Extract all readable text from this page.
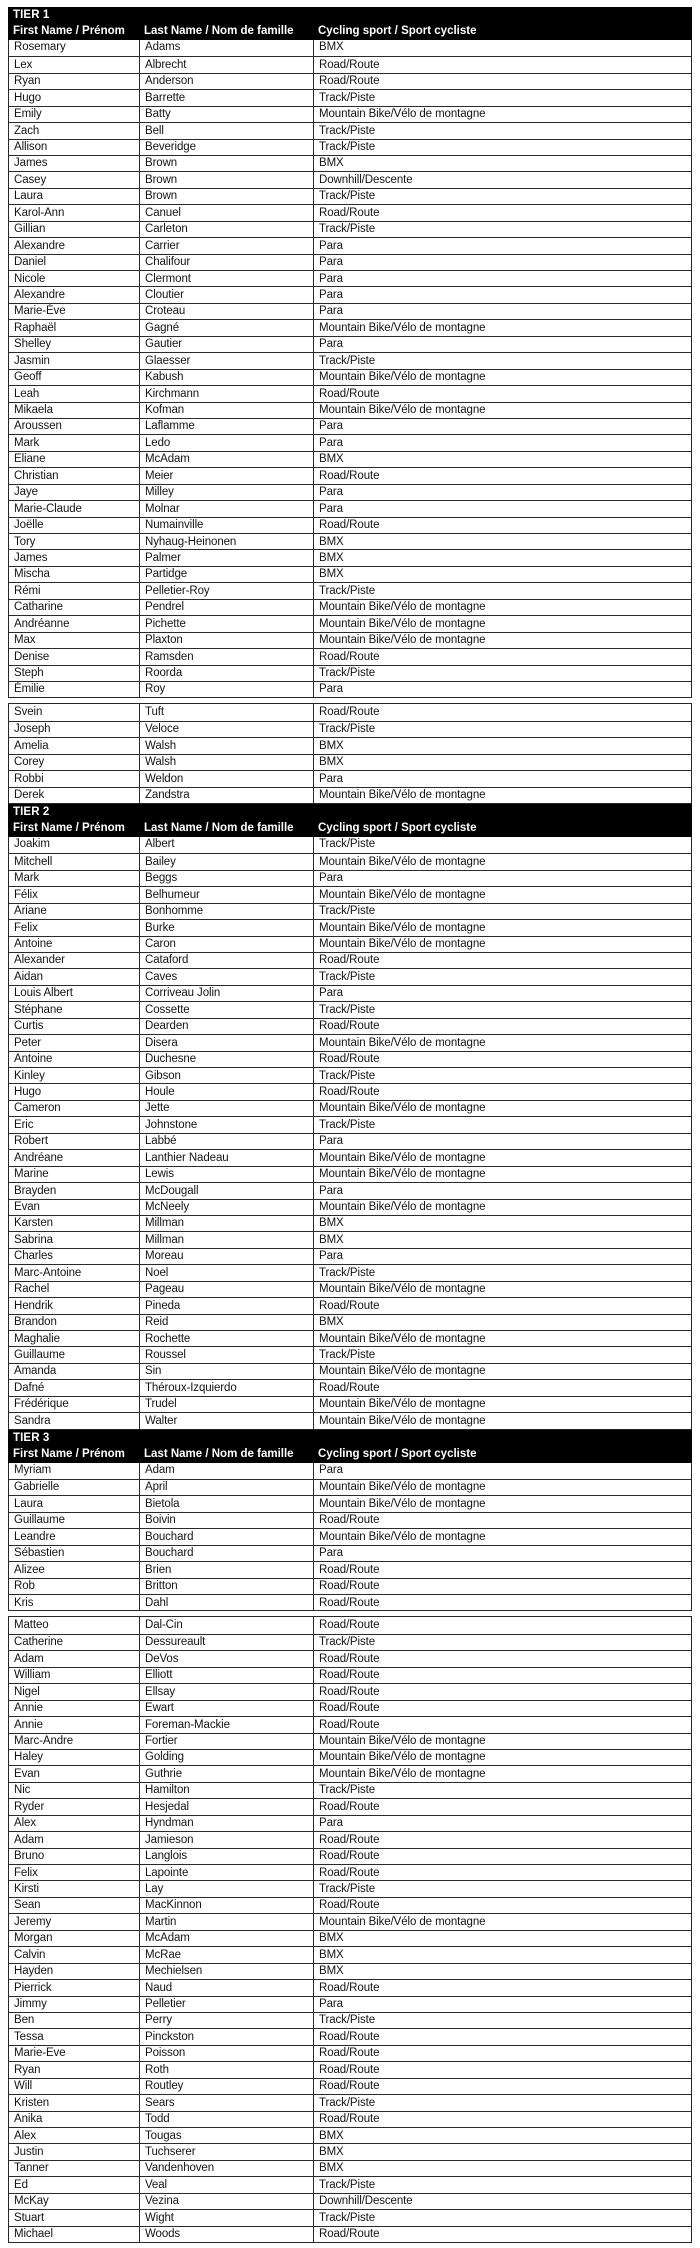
TIER 1
First Name / Prénom	Last Name / Nom de famille	Cycling sport / Sport cycliste
Rosemary	Adams	BMX
Lex	Albrecht	Road/Route
Ryan	Anderson	Road/Route
Hugo	Barrette	Track/Piste
Emily	Batty	Mountain Bike/Vélo de montagne
Zach	Bell	Track/Piste
Allison	Beveridge	Track/Piste
James	Brown	BMX
Casey	Brown	Downhill/Descente
Laura	Brown	Track/Piste
Karol-Ann	Canuel	Road/Route
Gillian	Carleton	Track/Piste
Alexandre	Carrier	Para
Daniel	Chalifour	Para
Nicole	Clermont	Para
Alexandre	Cloutier	Para
Marie-Ève	Croteau	Para
Raphaël	Gagné	Mountain Bike/Vélo de montagne
Shelley	Gautier	Para
Jasmin	Glaesser	Track/Piste
Geoff	Kabush	Mountain Bike/Vélo de montagne
Leah	Kirchmann	Road/Route
Mikaela	Kofman	Mountain Bike/Vélo de montagne
Aroussen	Laflamme	Para
Mark	Ledo	Para
Eliane	McAdam	BMX
Christian	Meier	Road/Route
Jaye	Milley	Para
Marie-Claude	Molnar	Para
Joëlle	Numainville	Road/Route
Tory	Nyhaug-Heinonen	BMX
James	Palmer	BMX
Mischa	Partidge	BMX
Rémi	Pelletier-Roy	Track/Piste
Catharine	Pendrel	Mountain Bike/Vélo de montagne
Andréanne	Pichette	Mountain Bike/Vélo de montagne
Max	Plaxton	Mountain Bike/Vélo de montagne
Denise	Ramsden	Road/Route
Steph	Roorda	Track/Piste
Émilie	Roy	Para
Svein	Tuft	Road/Route
Joseph	Veloce	Track/Piste
Amelia	Walsh	BMX
Corey	Walsh	BMX
Robbi	Weldon	Para
Derek	Zandstra	Mountain Bike/Vélo de montagne
TIER 2
First Name / Prénom	Last Name / Nom de famille	Cycling sport / Sport cycliste
Joakim	Albert	Track/Piste
Mitchell	Bailey	Mountain Bike/Vélo de montagne
Mark	Beggs	Para
Félix	Belhumeur	Mountain Bike/Vélo de montagne
Ariane	Bonhomme	Track/Piste
Felix	Burke	Mountain Bike/Vélo de montagne
Antoine	Caron	Mountain Bike/Vélo de montagne
Alexander	Cataford	Road/Route
Aidan	Caves	Track/Piste
Louis Albert	Corriveau Jolin	Para
Stéphane	Cossette	Track/Piste
Curtis	Dearden	Road/Route
Peter	Disera	Mountain Bike/Vélo de montagne
Antoine	Duchesne	Road/Route
Kinley	Gibson	Track/Piste
Hugo	Houle	Road/Route
Cameron	Jette	Mountain Bike/Vélo de montagne
Eric	Johnstone	Track/Piste
Robert	Labbé	Para
Andréane	Lanthier Nadeau	Mountain Bike/Vélo de montagne
Marine	Lewis	Mountain Bike/Vélo de montagne
Brayden	McDougall	Para
Evan	McNeely	Mountain Bike/Vélo de montagne
Karsten	Millman	BMX
Sabrina	Millman	BMX
Charles	Moreau	Para
Marc-Antoine	Noel	Track/Piste
Rachel	Pageau	Mountain Bike/Vélo de montagne
Hendrik	Pineda	Road/Route
Brandon	Reid	BMX
Maghalie	Rochette	Mountain Bike/Vélo de montagne
Guillaume	Roussel	Track/Piste
Amanda	Sin	Mountain Bike/Vélo de montagne
Dafné	Théroux-Izquierdo	Road/Route
Frédérique	Trudel	Mountain Bike/Vélo de montagne
Sandra	Walter	Mountain Bike/Vélo de montagne
TIER 3
First Name / Prénom	Last Name / Nom de famille	Cycling sport / Sport cycliste
Myriam	Adam	Para
Gabrielle	April	Mountain Bike/Vélo de montagne
Laura	Bietola	Mountain Bike/Vélo de montagne
Guillaume	Boivin	Road/Route
Leandre	Bouchard	Mountain Bike/Vélo de montagne
Sébastien	Bouchard	Para
Alizee	Brien	Road/Route
Rob	Britton	Road/Route
Kris	Dahl	Road/Route
Matteo	Dal-Cin	Road/Route
Catherine	Dessureault	Track/Piste
Adam	DeVos	Road/Route
William	Elliott	Road/Route
Nigel	Ellsay	Road/Route
Annie	Ewart	Road/Route
Annie	Foreman-Mackie	Road/Route
Marc-Andre	Fortier	Mountain Bike/Vélo de montagne
Haley	Golding	Mountain Bike/Vélo de montagne
Evan	Guthrie	Mountain Bike/Vélo de montagne
Nic	Hamilton	Track/Piste
Ryder	Hesjedal	Road/Route
Alex	Hyndman	Para
Adam	Jamieson	Road/Route
Bruno	Langlois	Road/Route
Felix	Lapointe	Road/Route
Kirsti	Lay	Track/Piste
Sean	MacKinnon	Road/Route
Jeremy	Martin	Mountain Bike/Vélo de montagne
Morgan	McAdam	BMX
Calvin	McRae	BMX
Hayden	Mechielsen	BMX
Pierrick	Naud	Road/Route
Jimmy	Pelletier	Para
Ben	Perry	Track/Piste
Tessa	Pinckston	Road/Route
Marie-Eve	Poisson	Road/Route
Ryan	Roth	Road/Route
Will	Routley	Road/Route
Kristen	Sears	Track/Piste
Anika	Todd	Road/Route
Alex	Tougas	BMX
Justin	Tuchserer	BMX
Tanner	Vandenhoven	BMX
Ed	Veal	Track/Piste
McKay	Vezina	Downhill/Descente
Stuart	Wight	Track/Piste
Michael	Woods	Road/Route
